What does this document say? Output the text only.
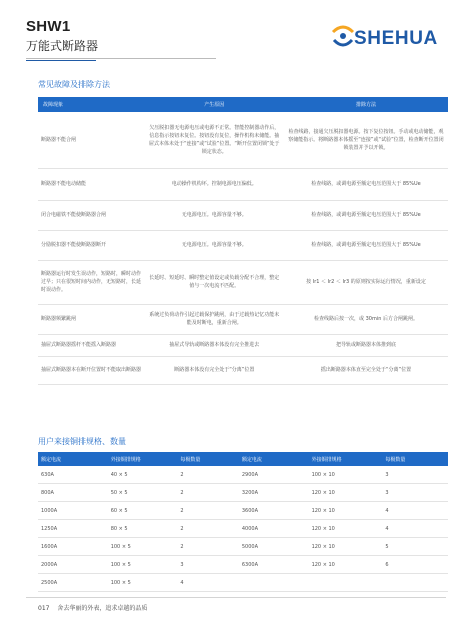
SHW1
万能式断路器	SHEHUA
常见故障及排除方法
故障现象	产生原因	排除方法
断路器不能合闸	欠压脱扣器无电源电压或电源不正常。智能控制器动作后，信息指示按钮未复位。按钮没有复位，操作机构未储能。抽屉式本体未处于“连接”或“试验”位置。“断开位置闭锁”处于锁定状态。	检查线路，接通欠压脱扣器电源。按下复位按钮。手动或电动储能，观察储能指示。将断路器本体摇至“连接”或“试验”位置，检查断开位置闭锁装置并予以开锁。
断路器不能电动储能	电动操作机构坏。控制电源电压偏低。	检查线路，或调电源至额定电压范围大于 85%Ue
闭合电磁铁不能使断路器合闸	无电源电压。电源容量不够。	检查线路，或调电源至额定电压范围大于 85%Ue
分励脱扣器不能使断路器断开	无电源电压。电源容量不够。	检查线路，或调电源至额定电压范围大于 85%Ue
断路器运行时发生误动作，短路时，瞬时动作过早；只在很短时间内动作，无短路时，长延时误动作。	长延时、短延时、瞬时整定值设定或负载分配不合理，整定值与一次电流不匹配。	按 Ir1 ＜ Ir2 ＜ Ir3 的原则按实际运行情况，重新设定
断路器频繁跳闸	系统过负荷动作引起过载保护跳闸，由于过载热记忆功能未能及时断电，重新合闸。	检查线路后按一次，或 30min 后方合闸跳闸。
抽屉式断路器摇杆不能摇入断路器	抽屉式导轨或断路器本体没有完全推进去	把导轨或断路器本体推到底
抽屉式断路器本在断开位置时不能取出断路器	断路器本体没有完全处于“分离”位置	摇出断路器本体直至完全处于“分离”位置
用户来接铜排规格、数量
额定电流	外接铜排规格	每极数量	额定电流	外接铜排规格	每极数量
630A	40 × 5	2	2900A	100 × 10	3
800A	50 × 5	2	3200A	120 × 10	3
1000A	60 × 5	2	3600A	120 × 10	4
1250A	80 × 5	2	4000A	120 × 10	4
1600A	100 × 5	2	5000A	120 × 10	5
2000A	100 × 5	3	6300A	120 × 10	6
2500A	100 × 5	4			
017 舍去华丽的外表，追求卓越的品质
